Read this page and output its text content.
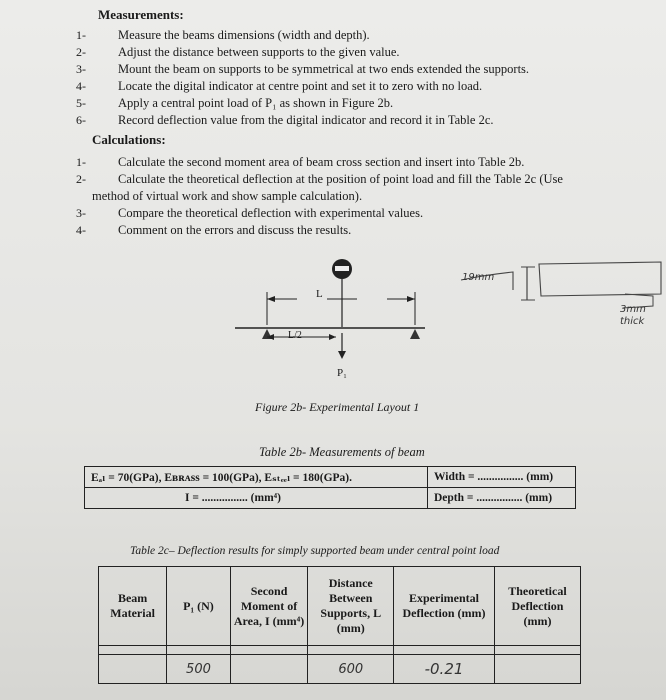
Measurements:
1-	Measure the beams dimensions (width and depth).
2-	Adjust the distance between supports to the given value.
3-	Mount the beam on supports to be symmetrical at two ends extended the supports.
4-	Locate the digital indicator at centre point and set it to zero with no load.
5-	Apply a central point load of P₁ as shown in Figure 2b.
6-	Record deflection value from the digital indicator and record it in Table 2c.
Calculations:
1-	Calculate the second moment area of beam cross section and insert into Table 2b.
2-	Calculate the theoretical deflection at the position of point load and fill the Table 2c (Use
method of virtual work and show sample calculation).
3-	Compare the theoretical deflection with experimental values.
4-	Comment on the errors and discuss the results.
L
L/2
P₁
Figure 2b- Experimental Layout 1
19mm
3mm thick
Table 2b- Measurements of beam
Eₐₗ = 70(GPa), Eʙʀᴀss = 100(GPa), Eₛₜₑₑₗ = 180(GPa).	Width = ................ (mm)
I = ................ (mm⁴)	Depth = ................ (mm)
Table 2c– Deflection results for simply supported beam under central point load
Beam Material	P₁ (N)	Second Moment of Area, I (mm⁴)	Distance Between Supports, L (mm)	Experimental Deflection (mm)	Theoretical Deflection (mm)

	500		600	-0.21	
